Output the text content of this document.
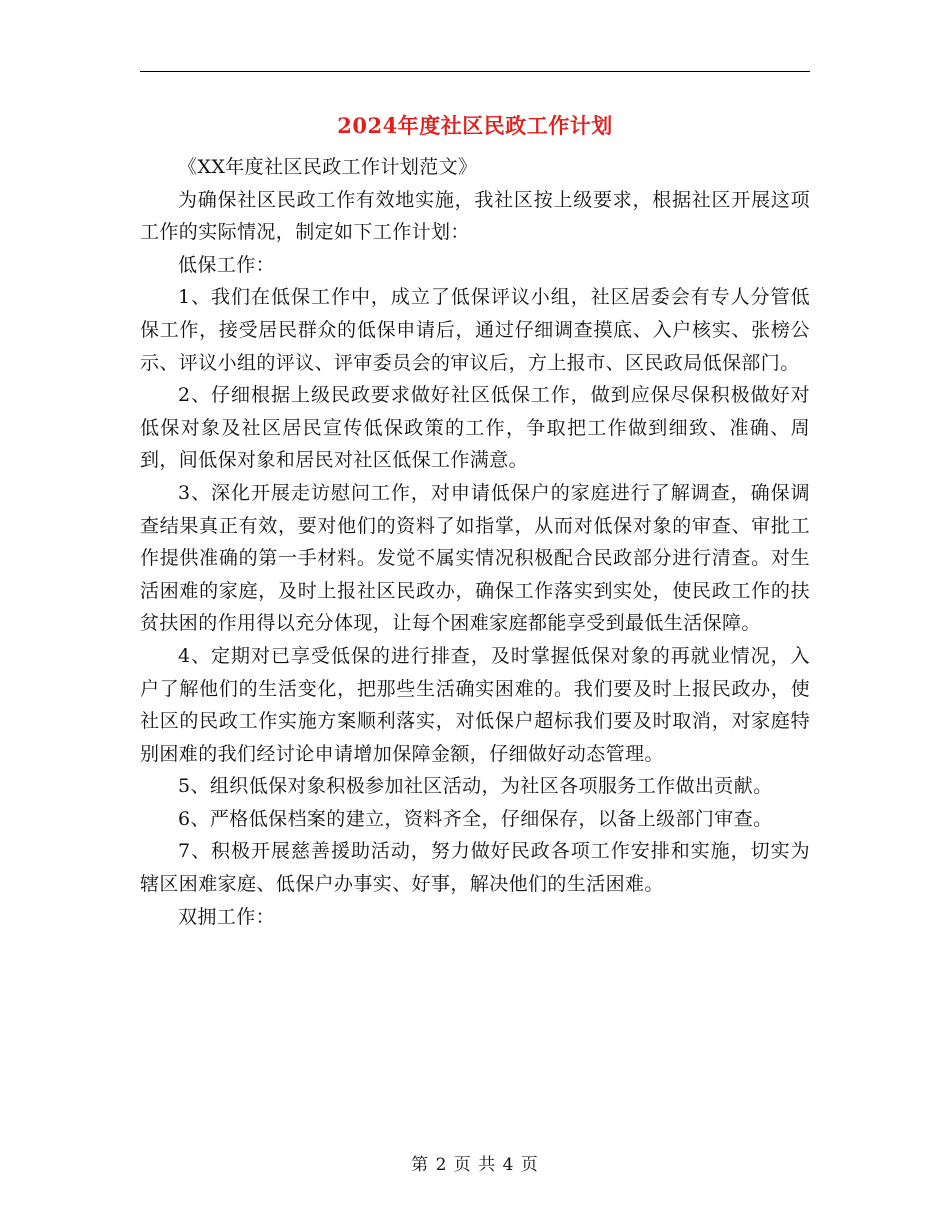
2024年度社区民政工作计划

《XX年度社区民政工作计划范文》

为确保社区民政工作有效地实施，我社区按上级要求，根据社区开展这项工作的实际情况，制定如下工作计划：

低保工作：

1、我们在低保工作中，成立了低保评议小组，社区居委会有专人分管低保工作，接受居民群众的低保申请后，通过仔细调查摸底、入户核实、张榜公示、评议小组的评议、评审委员会的审议后，方上报市、区民政局低保部门。

2、仔细根据上级民政要求做好社区低保工作，做到应保尽保积极做好对低保对象及社区居民宣传低保政策的工作，争取把工作做到细致、准确、周到，间低保对象和居民对社区低保工作满意。

3、深化开展走访慰问工作，对申请低保户的家庭进行了解调查，确保调查结果真正有效，要对他们的资料了如指掌，从而对低保对象的审查、审批工作提供准确的第一手材料。发觉不属实情况积极配合民政部分进行清查。对生活困难的家庭，及时上报社区民政办，确保工作落实到实处，使民政工作的扶贫扶困的作用得以充分体现，让每个困难家庭都能享受到最低生活保障。

4、定期对已享受低保的进行排查，及时掌握低保对象的再就业情况，入户了解他们的生活变化，把那些生活确实困难的。我们要及时上报民政办，使社区的民政工作实施方案顺利落实，对低保户超标我们要及时取消，对家庭特别困难的我们经讨论申请增加保障金额，仔细做好动态管理。

5、组织低保对象积极参加社区活动，为社区各项服务工作做出贡献。

6、严格低保档案的建立，资料齐全，仔细保存，以备上级部门审查。

7、积极开展慈善援助活动，努力做好民政各项工作安排和实施，切实为辖区困难家庭、低保户办事实、好事，解决他们的生活困难。

双拥工作：

第 2 页 共 4 页
